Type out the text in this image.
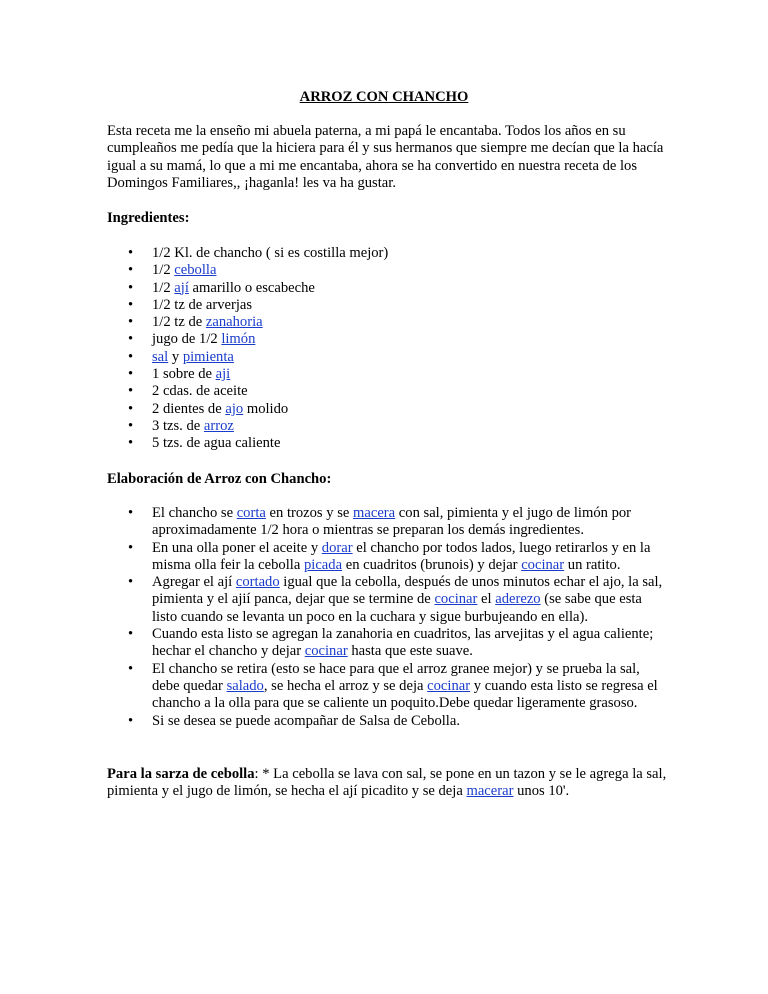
ARROZ CON CHANCHO

Esta receta me la enseño mi abuela paterna, a mi papá le encantaba. Todos los años en su cumpleaños me pedía que la hiciera para él y sus hermanos que siempre me decían que la hacía igual a su mamá, lo que a mi me encantaba, ahora se ha convertido en nuestra receta de los Domingos Familiares,, ¡haganla! les va ha gustar.

Ingredientes:

• 1/2 Kl. de chancho ( si es costilla mejor)
• 1/2 cebolla
• 1/2 ají amarillo o escabeche
• 1/2 tz de arverjas
• 1/2 tz de zanahoria
• jugo de 1/2 limón
• sal y pimienta
• 1 sobre de aji
• 2 cdas. de aceite
• 2 dientes de ajo molido
• 3 tzs. de arroz
• 5 tzs. de agua caliente

Elaboración de Arroz con Chancho:

• El chancho se corta en trozos y se macera con sal, pimienta y el jugo de limón por aproximadamente 1/2 hora o mientras se preparan los demás ingredientes.
• En una olla poner el aceite y dorar el chancho por todos lados, luego retirarlos y en la misma olla feir la cebolla picada en cuadritos (brunois) y dejar cocinar un ratito.
• Agregar el ají cortado igual que la cebolla, después de unos minutos echar el ajo, la sal, pimienta y el ajií panca, dejar que se termine de cocinar el aderezo (se sabe que esta listo cuando se levanta un poco en la cuchara y sigue burbujeando en ella).
• Cuando esta listo se agregan la zanahoria en cuadritos, las arvejitas y el agua caliente; hechar el chancho y dejar cocinar hasta que este suave.
• El chancho se retira (esto se hace para que el arroz granee mejor) y se prueba la sal, debe quedar salado, se hecha el arroz y se deja cocinar y cuando esta listo se regresa el chancho a la olla para que se caliente un poquito.Debe quedar ligeramente grasoso.
• Si se desea se puede acompañar de Salsa de Cebolla.

Para la sarza de cebolla: * La cebolla se lava con sal, se pone en un tazon y se le agrega la sal, pimienta y el jugo de limón, se hecha el ají picadito y se deja macerar unos 10'.
